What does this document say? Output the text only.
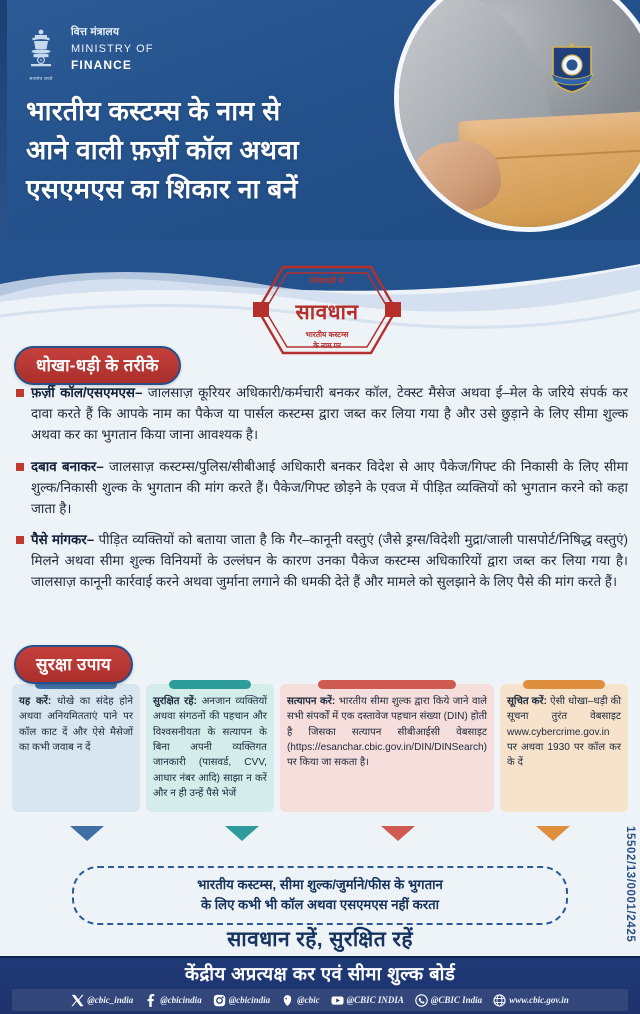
सत्यमेव जयते
वित्त मंत्रालय
MINISTRY OF
FINANCE
भारतीय कस्टम्स के नाम से
आने वाली फ़र्ज़ी कॉल अथवा
एसएमएस का शिकार ना बनें
धोखाधड़ी से
सावधान
भारतीय कस्टम्स
के नाम पर
धोखा-धड़ी के तरीके

फ़र्ज़ी कॉल/एसएमएस– जालसाज़ कूरियर अधिकारी/कर्मचारी बनकर कॉल, टेक्स्ट मैसेज अथवा ई–मेल के जरिये संपर्क कर दावा करते हैं कि आपके नाम का पैकेज या पार्सल कस्टम्स द्वारा जब्त कर लिया गया है और उसे छुड़ाने के लिए सीमा शुल्क अथवा कर का भुगतान किया जाना आवश्यक है।

दबाव बनाकर– जालसाज़ कस्टम्स/पुलिस/सीबीआई अधिकारी बनकर विदेश से आए पैकेज/गिफ्ट की निकासी के लिए सीमा शुल्क/निकासी शुल्क के भुगतान की मांग करते हैं। पैकेज/गिफ्ट छोड़ने के एवज में पीड़ित व्यक्तियों को भुगतान करने को कहा जाता है।

पैसे मांगकर– पीड़ित व्यक्तियों को बताया जाता है कि गैर–कानूनी वस्तुएं (जैसे ड्रग्स/विदेशी मुद्रा/जाली पासपोर्ट/निषिद्ध वस्तुएं) मिलने अथवा सीमा शुल्क विनियमों के उल्लंघन के कारण उनका पैकेज कस्टम्स अधिकारियों द्वारा जब्त कर लिया गया है। जालसाज़ कानूनी कार्रवाई करने अथवा जुर्माना लगाने की धमकी देते हैं और मामले को सुलझाने के लिए पैसे की मांग करते हैं।

सुरक्षा उपाय

यह करें: धोखे का संदेह होने अथवा अनियमितताएं पाने पर कॉल काट दें और ऐसे मैसेजों का कभी जवाब न दें

सुरक्षित रहें: अनजान व्यक्तियों अथवा संगठनों की पहचान और विश्वसनीयता के सत्यापन के बिना अपनी व्यक्तिगत जानकारी (पासवर्ड, CVV, आधार नंबर आदि) साझा न करें और न ही उन्हें पैसे भेजें

सत्यापन करें: भारतीय सीमा शुल्क द्वारा किये जाने वाले सभी संपर्कों में एक दस्तावेज पहचान संख्या (DIN) होती है जिसका सत्यापन सीबीआईसी वेबसाइट (https://esanchar.cbic.gov.in/DIN/DINSearch) पर किया जा सकता है।

सूचित करें: ऐसी धोखा–धड़ी की सूचना तुरंत वेबसाइट www.cybercrime.gov.in पर अथवा 1930 पर कॉल कर के दें

भारतीय कस्टम्स, सीमा शुल्क/जुर्माने/फीस के भुगतान
के लिए कभी भी कॉल अथवा एसएमएस नहीं करता
सावधान रहें, सुरक्षित रहें	15502/13/0001/2425
केंद्रीय अप्रत्यक्ष कर एवं सीमा शुल्क बोर्ड
@cbic_india	@cbicindia	@cbicindia	@cbic	@CBIC INDIA	@CBIC India	www.cbic.gov.in
